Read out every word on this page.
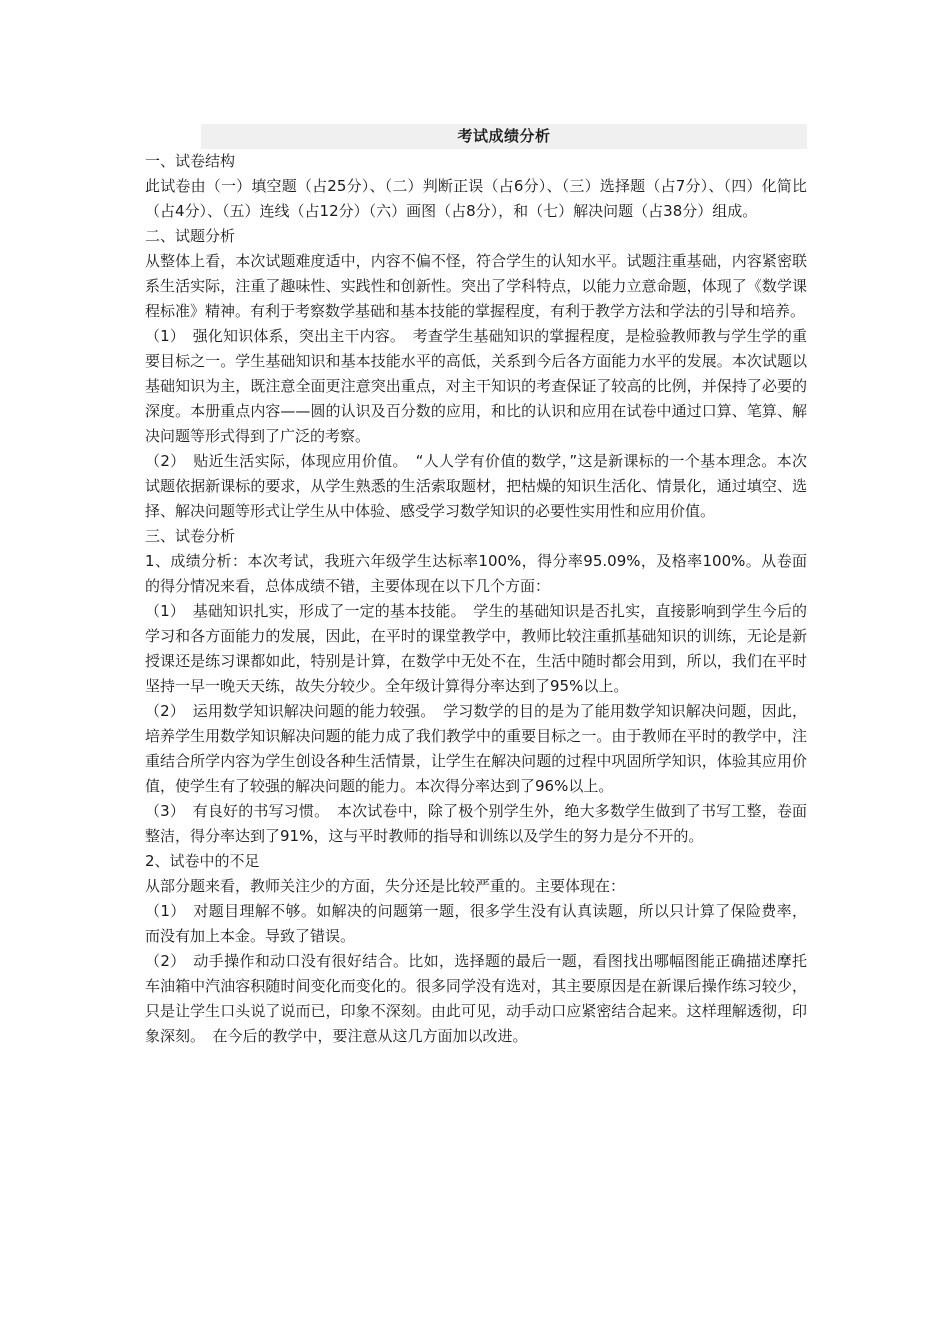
考试成绩分析

一、试卷结构

此试卷由（一）填空题（占25分）、（二）判断正误（占6分）、（三）选择题（占7分）、（四）化简比（占4分）、（五）连线（占12分）（六）画图（占8分），和（七）解决问题（占38分）组成。

二、试题分析

从整体上看，本次试题难度适中，内容不偏不怪，符合学生的认知水平。试题注重基础，内容紧密联系生活实际，注重了趣味性、实践性和创新性。突出了学科特点，以能力立意命题，体现了《数学课程标准》精神。有利于考察数学基础和基本技能的掌握程度，有利于教学方法和学法的引导和培养。

（1）　强化知识体系，突出主干内容。　考查学生基础知识的掌握程度，是检验教师教与学生学的重要目标之一。学生基础知识和基本技能水平的高低，关系到今后各方面能力水平的发展。本次试题以基础知识为主，既注意全面更注意突出重点，对主干知识的考查保证了较高的比例，并保持了必要的深度。本册重点内容——圆的认识及百分数的应用，和比的认识和应用在试卷中通过口算、笔算、解决问题等形式得到了广泛的考察。

（2）　贴近生活实际，体现应用价值。　“人人学有价值的数学，”这是新课标的一个基本理念。本次试题依据新课标的要求，从学生熟悉的生活索取题材，把枯燥的知识生活化、情景化，通过填空、选择、解决问题等形式让学生从中体验、感受学习数学知识的必要性实用性和应用价值。

三、试卷分析

1、成绩分析：本次考试，我班六年级学生达标率100%，得分率95.09%，及格率100%。从卷面的得分情况来看，总体成绩不错，主要体现在以下几个方面：

（1）　基础知识扎实，形成了一定的基本技能。　学生的基础知识是否扎实，直接影响到学生今后的学习和各方面能力的发展，因此，在平时的课堂教学中，教师比较注重抓基础知识的训练，无论是新授课还是练习课都如此，特别是计算，在数学中无处不在，生活中随时都会用到，所以，我们在平时坚持一早一晚天天练，故失分较少。全年级计算得分率达到了95%以上。

（2）　运用数学知识解决问题的能力较强。　学习数学的目的是为了能用数学知识解决问题，因此，培养学生用数学知识解决问题的能力成了我们教学中的重要目标之一。由于教师在平时的教学中，注重结合所学内容为学生创设各种生活情景，让学生在解决问题的过程中巩固所学知识，体验其应用价值，使学生有了较强的解决问题的能力。本次得分率达到了96%以上。

（3）　有良好的书写习惯。　本次试卷中，除了极个别学生外，绝大多数学生做到了书写工整，卷面整洁，得分率达到了91%，这与平时教师的指导和训练以及学生的努力是分不开的。

2、试卷中的不足

从部分题来看，教师关注少的方面，失分还是比较严重的。主要体现在：

（1）　对题目理解不够。如解决的问题第一题，很多学生没有认真读题，所以只计算了保险费率，而没有加上本金。导致了错误。

（2）　动手操作和动口没有很好结合。比如，选择题的最后一题，看图找出哪幅图能正确描述摩托车油箱中汽油容积随时间变化而变化的。很多同学没有选对，其主要原因是在新课后操作练习较少，只是让学生口头说了说而已，印象不深刻。由此可见，动手动口应紧密结合起来。这样理解透彻，印象深刻。　在今后的教学中，要注意从这几方面加以改进。
